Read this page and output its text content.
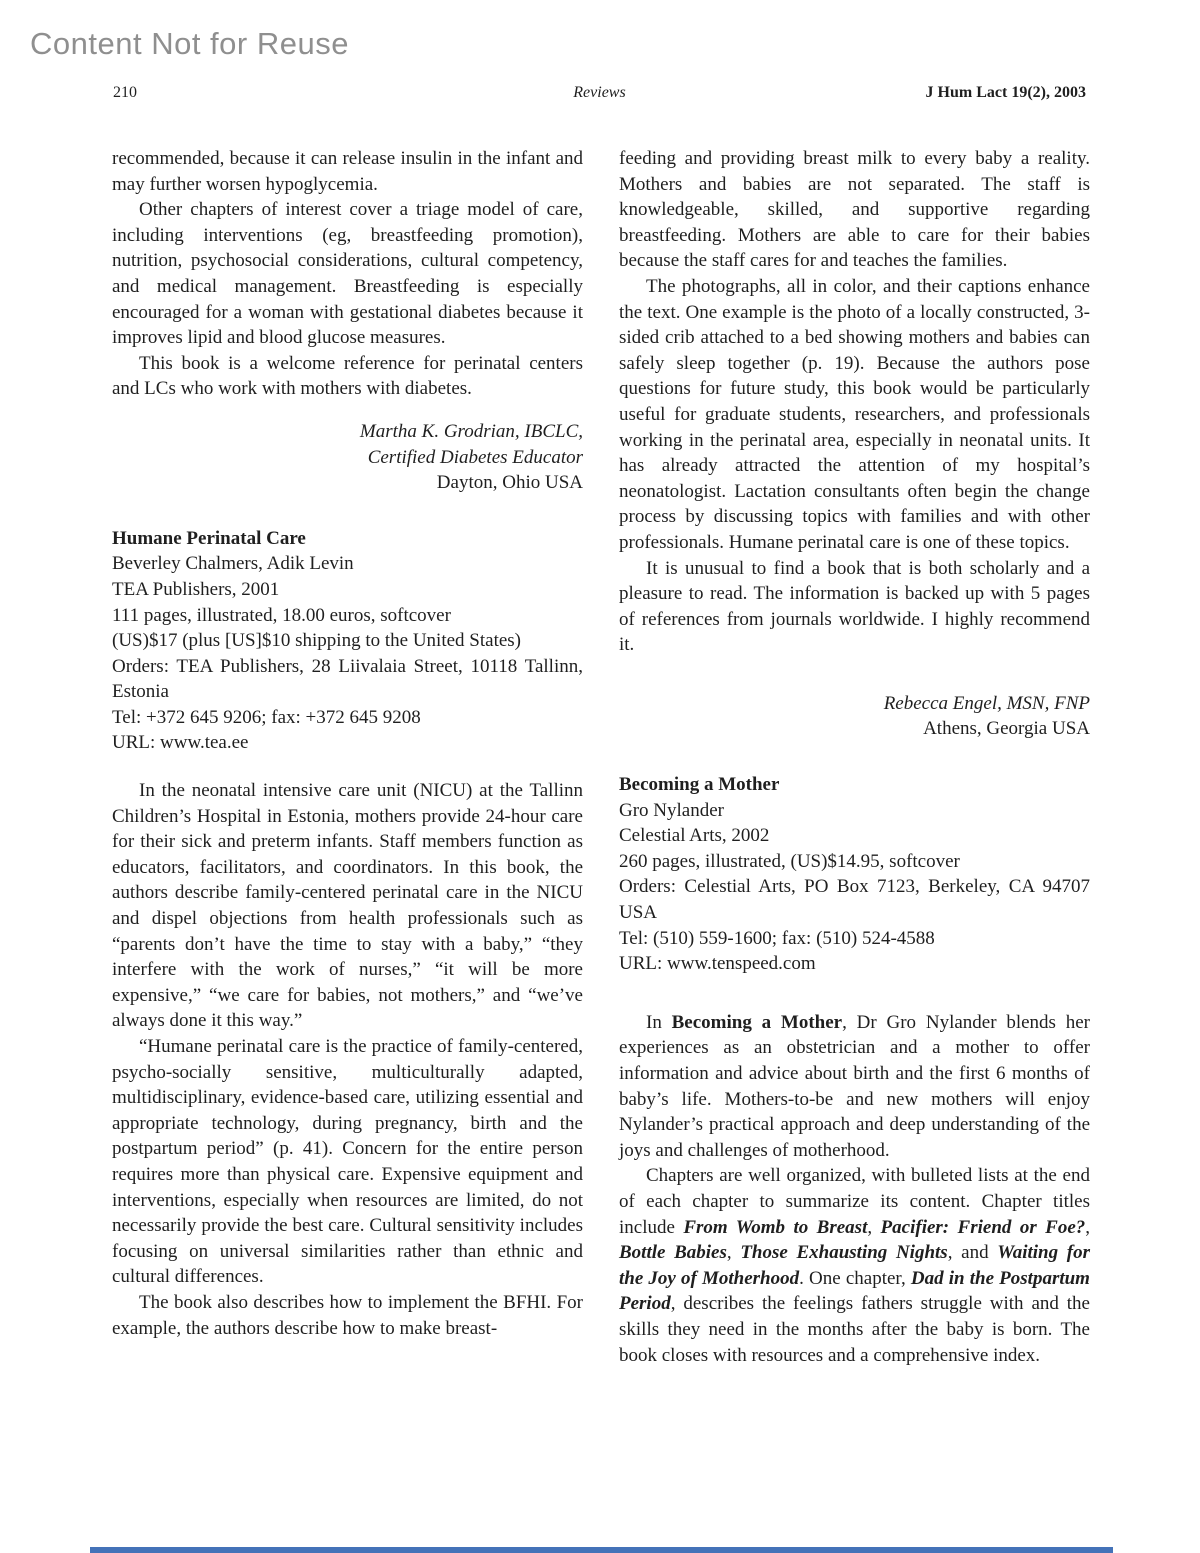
Content Not for Reuse
210	Reviews	J Hum Lact 19(2), 2003

recommended, because it can release insulin in the infant and may further worsen hypoglycemia.

Other chapters of interest cover a triage model of care, including interventions (eg, breastfeeding promotion), nutrition, psychosocial considerations, cultural competency, and medical management. Breastfeeding is especially encouraged for a woman with gestational diabetes because it improves lipid and blood glucose measures.

This book is a welcome reference for perinatal centers and LCs who work with mothers with diabetes.

Martha K. Grodrian, IBCLC,
Certified Diabetes Educator
Dayton, Ohio USA

Humane Perinatal Care

Beverley Chalmers, Adik Levin

TEA Publishers, 2001

111 pages, illustrated, 18.00 euros, softcover

(US)$17 (plus [US]$10 shipping to the United States)

Orders: TEA Publishers, 28 Liivalaia Street, 10118 Tallinn, Estonia

Tel: +372 645 9206; fax: +372 645 9208

URL: www.tea.ee

In the neonatal intensive care unit (NICU) at the Tallinn Children’s Hospital in Estonia, mothers provide 24-hour care for their sick and preterm infants. Staff members function as educators, facilitators, and coordinators. In this book, the authors describe family-centered perinatal care in the NICU and dispel objections from health professionals such as “parents don’t have the time to stay with a baby,” “they interfere with the work of nurses,” “it will be more expensive,” “we care for babies, not mothers,” and “we’ve always done it this way.”

“Humane perinatal care is the practice of family-centered, psycho-socially sensitive, multiculturally adapted, multidisciplinary, evidence-based care, utilizing essential and appropriate technology, during pregnancy, birth and the postpartum period” (p. 41). Concern for the entire person requires more than physical care. Expensive equipment and interventions, especially when resources are limited, do not necessarily provide the best care. Cultural sensitivity includes focusing on universal similarities rather than ethnic and cultural differences.

The book also describes how to implement the BFHI. For example, the authors describe how to make breast-

feeding and providing breast milk to every baby a reality. Mothers and babies are not separated. The staff is knowledgeable, skilled, and supportive regarding breastfeeding. Mothers are able to care for their babies because the staff cares for and teaches the families.

The photographs, all in color, and their captions enhance the text. One example is the photo of a locally constructed, 3-sided crib attached to a bed showing mothers and babies can safely sleep together (p. 19). Because the authors pose questions for future study, this book would be particularly useful for graduate students, researchers, and professionals working in the perinatal area, especially in neonatal units. It has already attracted the attention of my hospital’s neonatologist. Lactation consultants often begin the change process by discussing topics with families and with other professionals. Humane perinatal care is one of these topics.

It is unusual to find a book that is both scholarly and a pleasure to read. The information is backed up with 5 pages of references from journals worldwide. I highly recommend it.

Rebecca Engel, MSN, FNP
Athens, Georgia USA

Becoming a Mother

Gro Nylander

Celestial Arts, 2002

260 pages, illustrated, (US)$14.95, softcover

Orders: Celestial Arts, PO Box 7123, Berkeley, CA 94707 USA

Tel: (510) 559-1600; fax: (510) 524-4588

URL: www.tenspeed.com

In Becoming a Mother, Dr Gro Nylander blends her experiences as an obstetrician and a mother to offer information and advice about birth and the first 6 months of baby’s life. Mothers-to-be and new mothers will enjoy Nylander’s practical approach and deep understanding of the joys and challenges of motherhood.

Chapters are well organized, with bulleted lists at the end of each chapter to summarize its content. Chapter titles include From Womb to Breast, Pacifier: Friend or Foe?, Bottle Babies, Those Exhausting Nights, and Waiting for the Joy of Motherhood. One chapter, Dad in the Postpartum Period, describes the feelings fathers struggle with and the skills they need in the months after the baby is born. The book closes with resources and a comprehensive index.
